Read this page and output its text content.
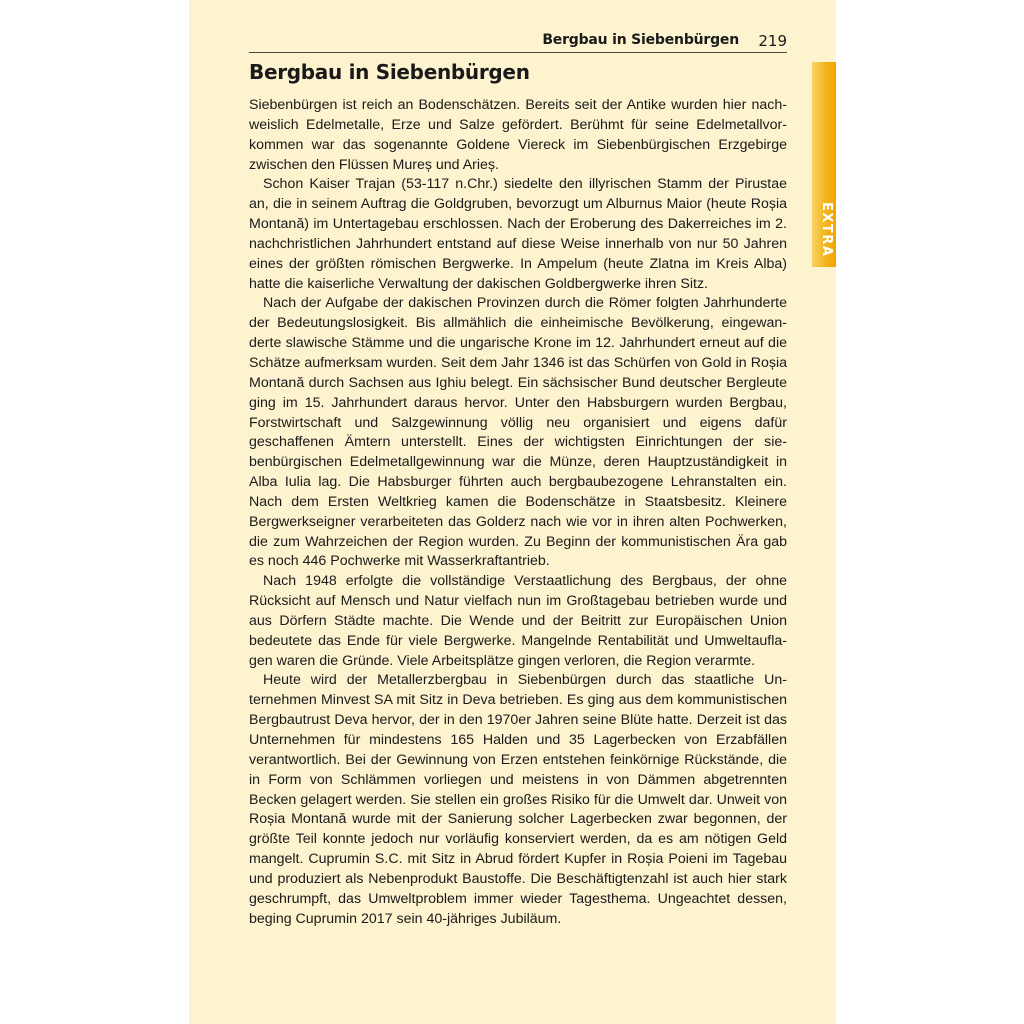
Bergbau in Siebenbürgen 219
Bergbau in Siebenbürgen

Siebenbürgen ist reich an Bodenschätzen. Bereits seit der Antike wurden hier nachweislich Edelmetalle, Erze und Salze gefördert. Berühmt für seine Edelmetallvorkommen war das sogenannte Goldene Viereck im Siebenbürgischen Erzgebirge zwischen den Flüssen Mureș und Arieș.

Schon Kaiser Trajan (53-117 n.Chr.) siedelte den illyrischen Stamm der Pirustae an, die in seinem Auftrag die Goldgruben, bevorzugt um Alburnus Maior (heute Roșia Montană) im Untertagebau erschlossen. Nach der Eroberung des Dakerreiches im 2. nachchristlichen Jahrhundert entstand auf diese Weise innerhalb von nur 50 Jahren eines der größten römischen Bergwerke. In Ampelum (heute Zlatna im Kreis Alba) hatte die kaiserliche Verwaltung der dakischen Goldbergwerke ihren Sitz.

Nach der Aufgabe der dakischen Provinzen durch die Römer folgten Jahrhunderte der Bedeutungslosigkeit. Bis allmählich die einheimische Bevölkerung, eingewanderte slawische Stämme und die ungarische Krone im 12. Jahrhundert erneut auf die Schätze aufmerksam wurden. Seit dem Jahr 1346 ist das Schürfen von Gold in Roșia Montană durch Sachsen aus Ighiu belegt. Ein sächsischer Bund deutscher Bergleute ging im 15. Jahrhundert daraus hervor. Unter den Habsburgern wurden Bergbau, Forstwirtschaft und Salzgewinnung völlig neu organisiert und eigens dafür geschaffenen Ämtern unterstellt. Eines der wichtigsten Einrichtungen der siebenbürgischen Edelmetallgewinnung war die Münze, deren Hauptzuständigkeit in Alba Iulia lag. Die Habsburger führten auch bergbaubezogene Lehranstalten ein. Nach dem Ersten Weltkrieg kamen die Bodenschätze in Staatsbesitz. Kleinere Bergwerkseigner verarbeiteten das Golderz nach wie vor in ihren alten Pochwerken, die zum Wahrzeichen der Region wurden. Zu Beginn der kommunistischen Ära gab es noch 446 Pochwerke mit Wasserkraftantrieb.

Nach 1948 erfolgte die vollständige Verstaatlichung des Bergbaus, der ohne Rücksicht auf Mensch und Natur vielfach nun im Großtagebau betrieben wurde und aus Dörfern Städte machte. Die Wende und der Beitritt zur Europäischen Union bedeutete das Ende für viele Bergwerke. Mangelnde Rentabilität und Umweltauflagen waren die Gründe. Viele Arbeitsplätze gingen verloren, die Region verarmte.

Heute wird der Metallerzbergbau in Siebenbürgen durch das staatliche Unternehmen Minvest SA mit Sitz in Deva betrieben. Es ging aus dem kommunistischen Bergbautrust Deva hervor, der in den 1970er Jahren seine Blüte hatte. Derzeit ist das Unternehmen für mindestens 165 Halden und 35 Lagerbecken von Erzabfällen verantwortlich. Bei der Gewinnung von Erzen entstehen feinkörnige Rückstände, die in Form von Schlämmen vorliegen und meistens in von Dämmen abgetrennten Becken gelagert werden. Sie stellen ein großes Risiko für die Umwelt dar. Unweit von Roșia Montană wurde mit der Sanierung solcher Lagerbecken zwar begonnen, der größte Teil konnte jedoch nur vorläufig konserviert werden, da es am nötigen Geld mangelt. Cuprumin S.C. mit Sitz in Abrud fördert Kupfer in Roșia Poieni im Tagebau und produziert als Nebenprodukt Baustoffe. Die Beschäftigtenzahl ist auch hier stark geschrumpft, das Umweltproblem immer wieder Tagesthema. Ungeachtet dessen, beging Cuprumin 2017 sein 40-jähriges Jubiläum.

EXTRA
